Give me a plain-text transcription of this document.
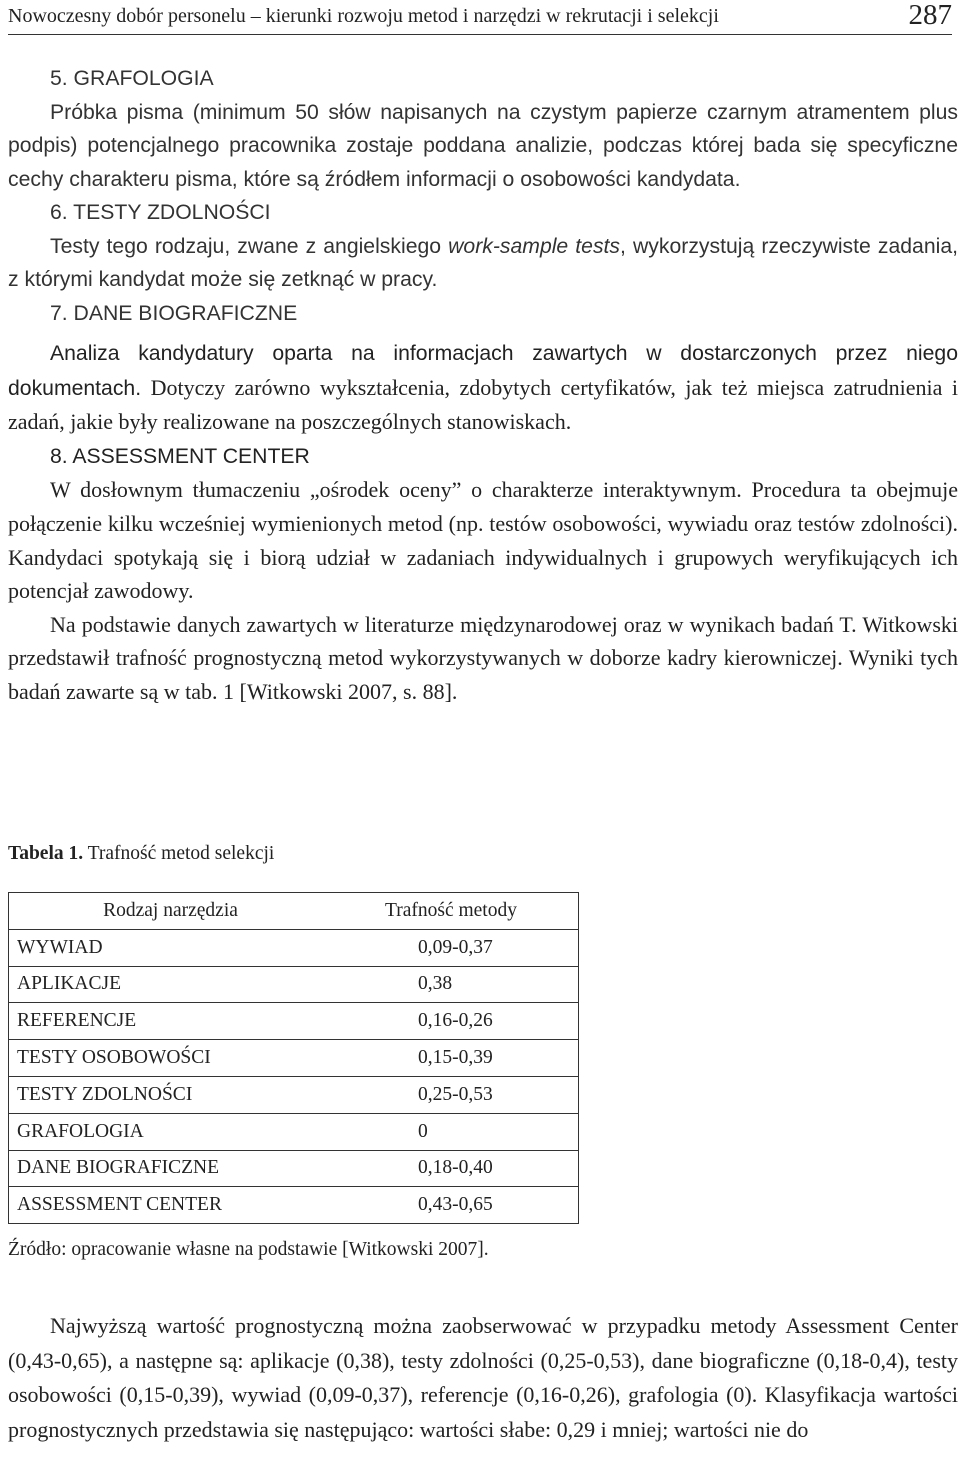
Nowoczesny dobór personelu – kierunki rozwoju metod i narzędzi w rekrutacji i selekcji	287

5. GRAFOLOGIA

Próbka pisma (minimum 50 słów napisanych na czystym papierze czarnym atramentem plus podpis) potencjalnego pracownika zostaje poddana analizie, podczas której bada się specyficzne cechy charakteru pisma, które są źródłem informacji o osobowości kandydata.

6. TESTY ZDOLNOŚCI

Testy tego rodzaju, zwane z angielskiego work-sample tests, wykorzystują rzeczywiste zadania, z którymi kandydat może się zetknąć w pracy.

7. DANE BIOGRAFICZNE

Analiza kandydatury oparta na informacjach zawartych w dostarczonych przez niego dokumentach. Dotyczy zarówno wykształcenia, zdobytych certyfikatów, jak też miejsca zatrudnienia i zadań, jakie były realizowane na poszczególnych stanowiskach.

8. ASSESSMENT CENTER

W dosłownym tłumaczeniu „ośrodek oceny” o charakterze interaktywnym. Procedura ta obejmuje połączenie kilku wcześniej wymienionych metod (np. testów osobowości, wywiadu oraz testów zdolności). Kandydaci spotykają się i biorą udział w zadaniach indywidualnych i grupowych weryfikujących ich potencjał zawodowy.

Na podstawie danych zawartych w literaturze międzynarodowej oraz w wynikach badań T. Witkowski przedstawił trafność prognostyczną metod wykorzystywanych w doborze kadry kierowniczej. Wyniki tych badań zawarte są w tab. 1 [Witkowski 2007, s. 88].

Tabela 1. Trafność metod selekcji
Rodzaj narzędzia	Trafność metody
WYWIAD	0,09-0,37
APLIKACJE	0,38
REFERENCJE	0,16-0,26
TESTY OSOBOWOŚCI	0,15-0,39
TESTY ZDOLNOŚCI	0,25-0,53
GRAFOLOGIA	0
DANE BIOGRAFICZNE	0,18-0,40
ASSESSMENT CENTER	0,43-0,65
Źródło: opracowanie własne na podstawie [Witkowski 2007].

Najwyższą wartość prognostyczną można zaobserwować w przypadku metody Assessment Center (0,43-0,65), a następne są: aplikacje (0,38), testy zdolności (0,25-0,53), dane biograficzne (0,18-0,4), testy osobowości (0,15-0,39), wywiad (0,09-0,37), referencje (0,16-0,26), grafologia (0). Klasyfikacja wartości prognostycznych przedstawia się następująco: wartości słabe: 0,29 i mniej; wartości nie do
